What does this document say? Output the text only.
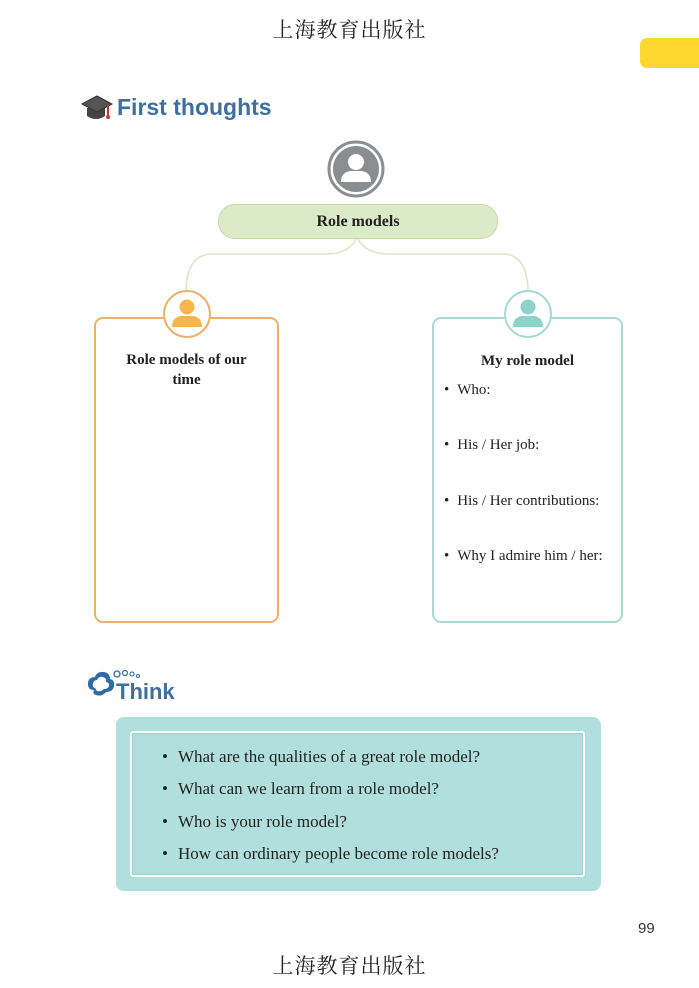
上海教育出版社
First thoughts
Role models
Role models of our
time
My role model
• Who:
• His / Her job:
• His / Her contributions:
• Why I admire him / her:
Think
• What are the qualities of a great role model?
• What can we learn from a role model?
• Who is your role model?
• How can ordinary people become role models?
99
上海教育出版社
